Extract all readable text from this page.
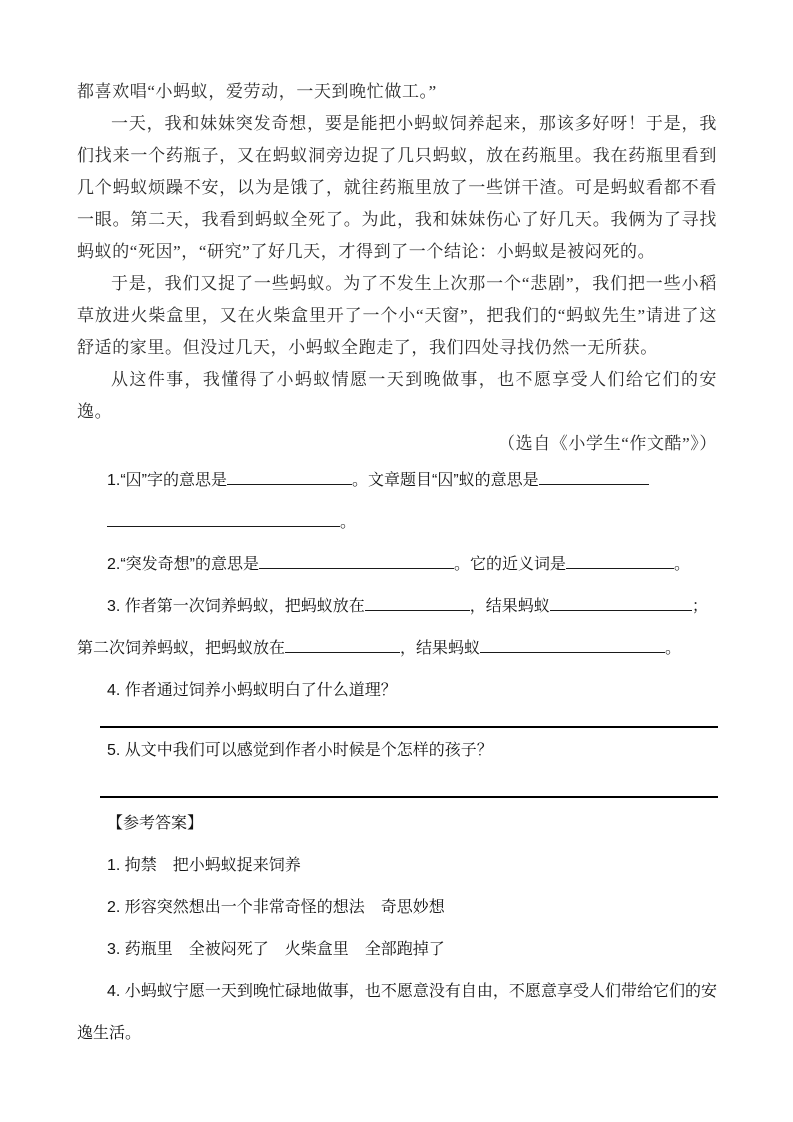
都喜欢唱“小蚂蚁，爱劳动，一天到晚忙做工。”

一天，我和妹妹突发奇想，要是能把小蚂蚁饲养起来，那该多好呀！于是，我们找来一个药瓶子，又在蚂蚁洞旁边捉了几只蚂蚁，放在药瓶里。我在药瓶里看到几个蚂蚁烦躁不安，以为是饿了，就往药瓶里放了一些饼干渣。可是蚂蚁看都不看一眼。第二天，我看到蚂蚁全死了。为此，我和妹妹伤心了好几天。我俩为了寻找蚂蚁的“死因”，“研究”了好几天，才得到了一个结论：小蚂蚁是被闷死的。

于是，我们又捉了一些蚂蚁。为了不发生上次那一个“悲剧”，我们把一些小稻草放进火柴盒里，又在火柴盒里开了一个小“天窗”，把我们的“蚂蚁先生”请进了这舒适的家里。但没过几天，小蚂蚁全跑走了，我们四处寻找仍然一无所获。

从这件事，我懂得了小蚂蚁情愿一天到晚做事，也不愿享受人们给它们的安逸。

（选自《小学生“作文酷”》）

1.“囚”字的意思是	。文章题目“囚”蚁的意思是
。
2.“突发奇想”的意思是	。它的近义词是	。
3. 作者第一次饲养蚂蚁，把蚂蚁放在	，结果蚂蚁	；
第二次饲养蚂蚁，把蚂蚁放在	，结果蚂蚁	。
4. 作者通过饲养小蚂蚁明白了什么道理？
5. 从文中我们可以感觉到作者小时候是个怎样的孩子？
【参考答案】
1. 拘禁　把小蚂蚁捉来饲养
2. 形容突然想出一个非常奇怪的想法　奇思妙想
3. 药瓶里　全被闷死了　火柴盒里　全部跑掉了
4. 小蚂蚁宁愿一天到晚忙碌地做事，也不愿意没有自由，不愿意享受人们带给它们的安逸生活。
